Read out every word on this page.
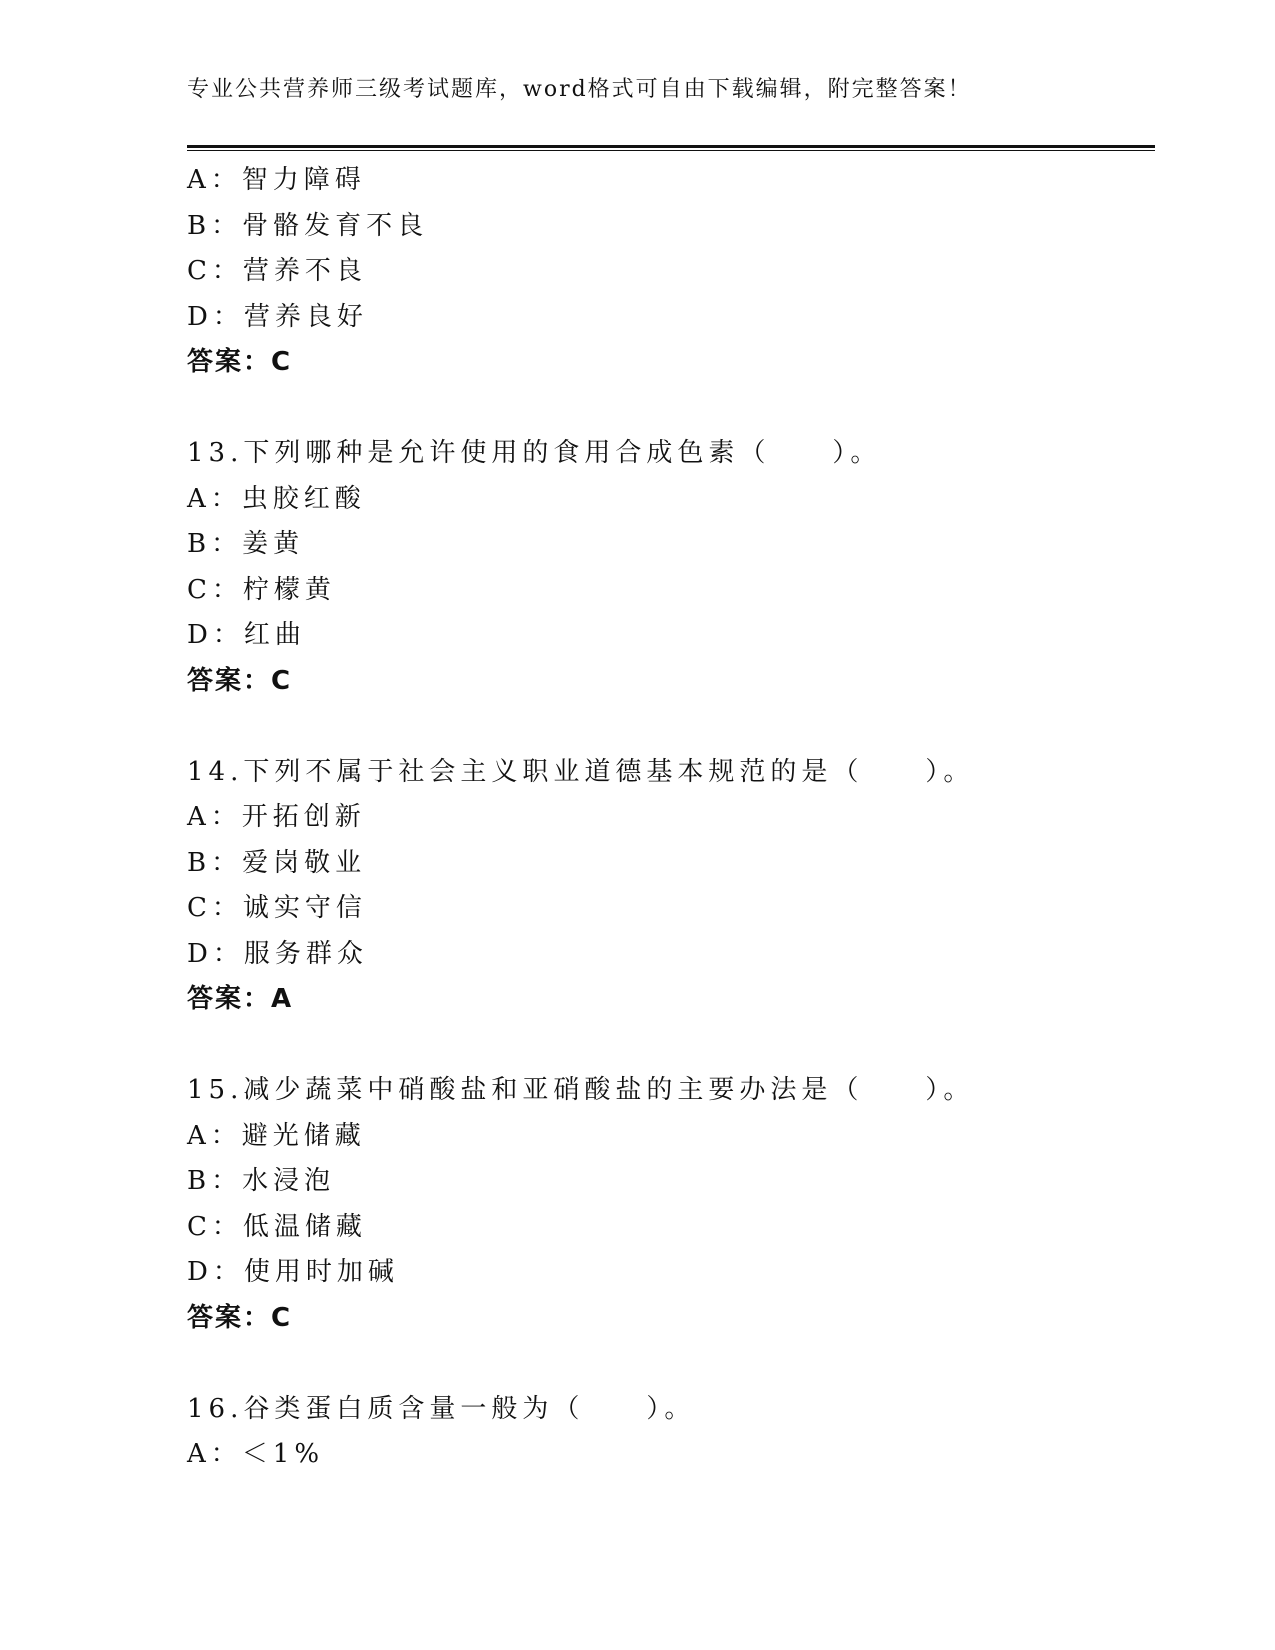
专业公共营养师三级考试题库，word格式可自由下载编辑，附完整答案！
A：智力障碍
B：骨骼发育不良
C：营养不良
D：营养良好
答案：C
13.下列哪种是允许使用的食用合成色素（　　）。
A：虫胶红酸
B：姜黄
C：柠檬黄
D：红曲
答案：C
14.下列不属于社会主义职业道德基本规范的是（　　）。
A：开拓创新
B：爱岗敬业
C：诚实守信
D：服务群众
答案：A
15.减少蔬菜中硝酸盐和亚硝酸盐的主要办法是（　　）。
A：避光储藏
B：水浸泡
C：低温储藏
D：使用时加碱
答案：C
16.谷类蛋白质含量一般为（　　）。
A：＜1%
